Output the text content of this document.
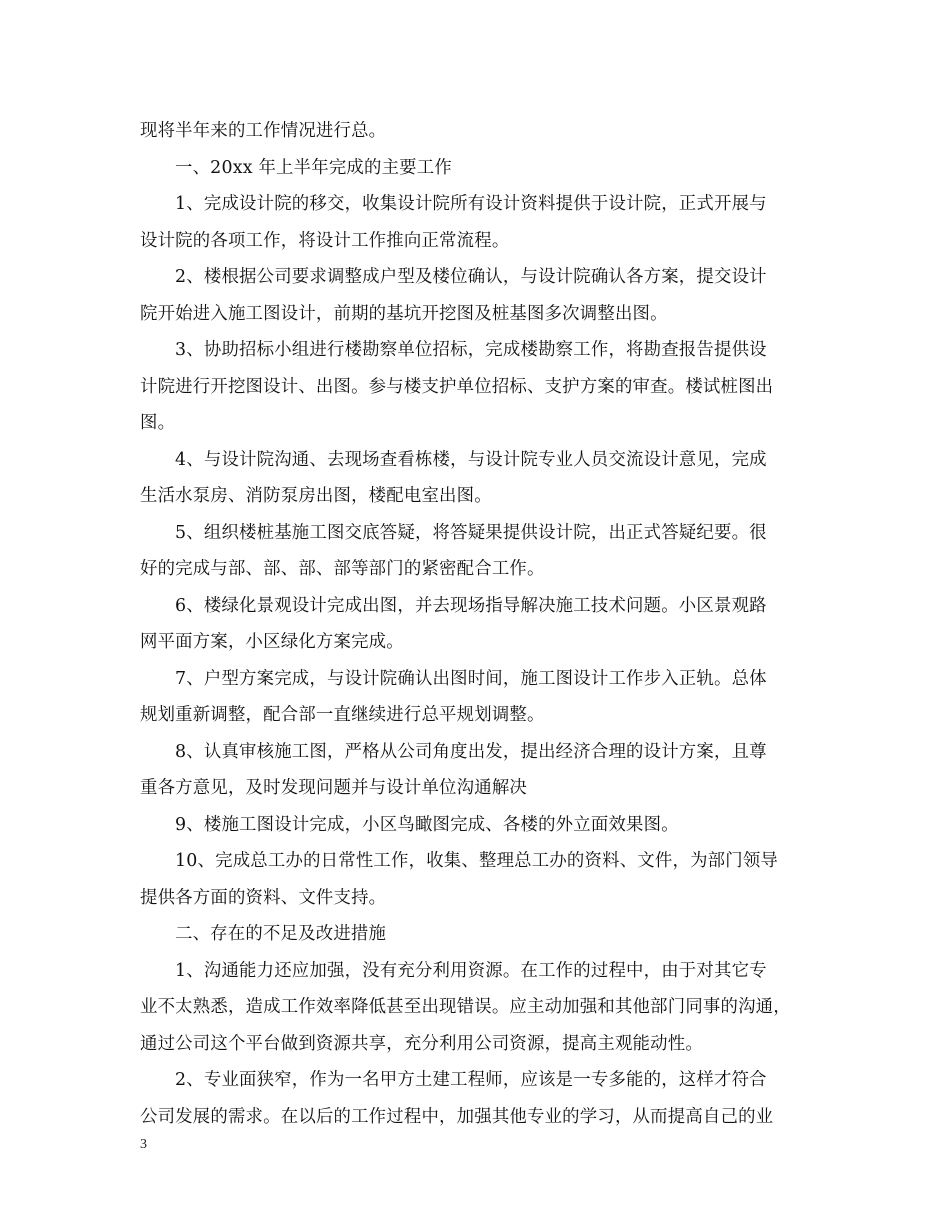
现将半年来的工作情况进行总。
一、20xx 年上半年完成的主要工作
1、完成设计院的移交，收集设计院所有设计资料提供于设计院，正式开展与
设计院的各项工作，将设计工作推向正常流程。
2、楼根据公司要求调整成户型及楼位确认，与设计院确认各方案，提交设计
院开始进入施工图设计，前期的基坑开挖图及桩基图多次调整出图。
3、协助招标小组进行楼勘察单位招标，完成楼勘察工作，将勘查报告提供设
计院进行开挖图设计、出图。参与楼支护单位招标、支护方案的审查。楼试桩图出
图。
4、与设计院沟通、去现场查看栋楼，与设计院专业人员交流设计意见，完成
生活水泵房、消防泵房出图，楼配电室出图。
5、组织楼桩基施工图交底答疑，将答疑果提供设计院，出正式答疑纪要。很
好的完成与部、部、部、部等部门的紧密配合工作。
6、楼绿化景观设计完成出图，并去现场指导解决施工技术问题。小区景观路
网平面方案，小区绿化方案完成。
7、户型方案完成，与设计院确认出图时间，施工图设计工作步入正轨。总体
规划重新调整，配合部一直继续进行总平规划调整。
8、认真审核施工图，严格从公司角度出发，提出经济合理的设计方案，且尊
重各方意见，及时发现问题并与设计单位沟通解决
9、楼施工图设计完成，小区鸟瞰图完成、各楼的外立面效果图。
10、完成总工办的日常性工作，收集、整理总工办的资料、文件，为部门领导
提供各方面的资料、文件支持。
二、存在的不足及改进措施
1、沟通能力还应加强，没有充分利用资源。在工作的过程中，由于对其它专
业不太熟悉，造成工作效率降低甚至出现错误。应主动加强和其他部门同事的沟通，
通过公司这个平台做到资源共享，充分利用公司资源，提高主观能动性。
2、专业面狭窄，作为一名甲方土建工程师，应该是一专多能的，这样才符合
公司发展的需求。在以后的工作过程中，加强其他专业的学习，从而提高自己的业
3
